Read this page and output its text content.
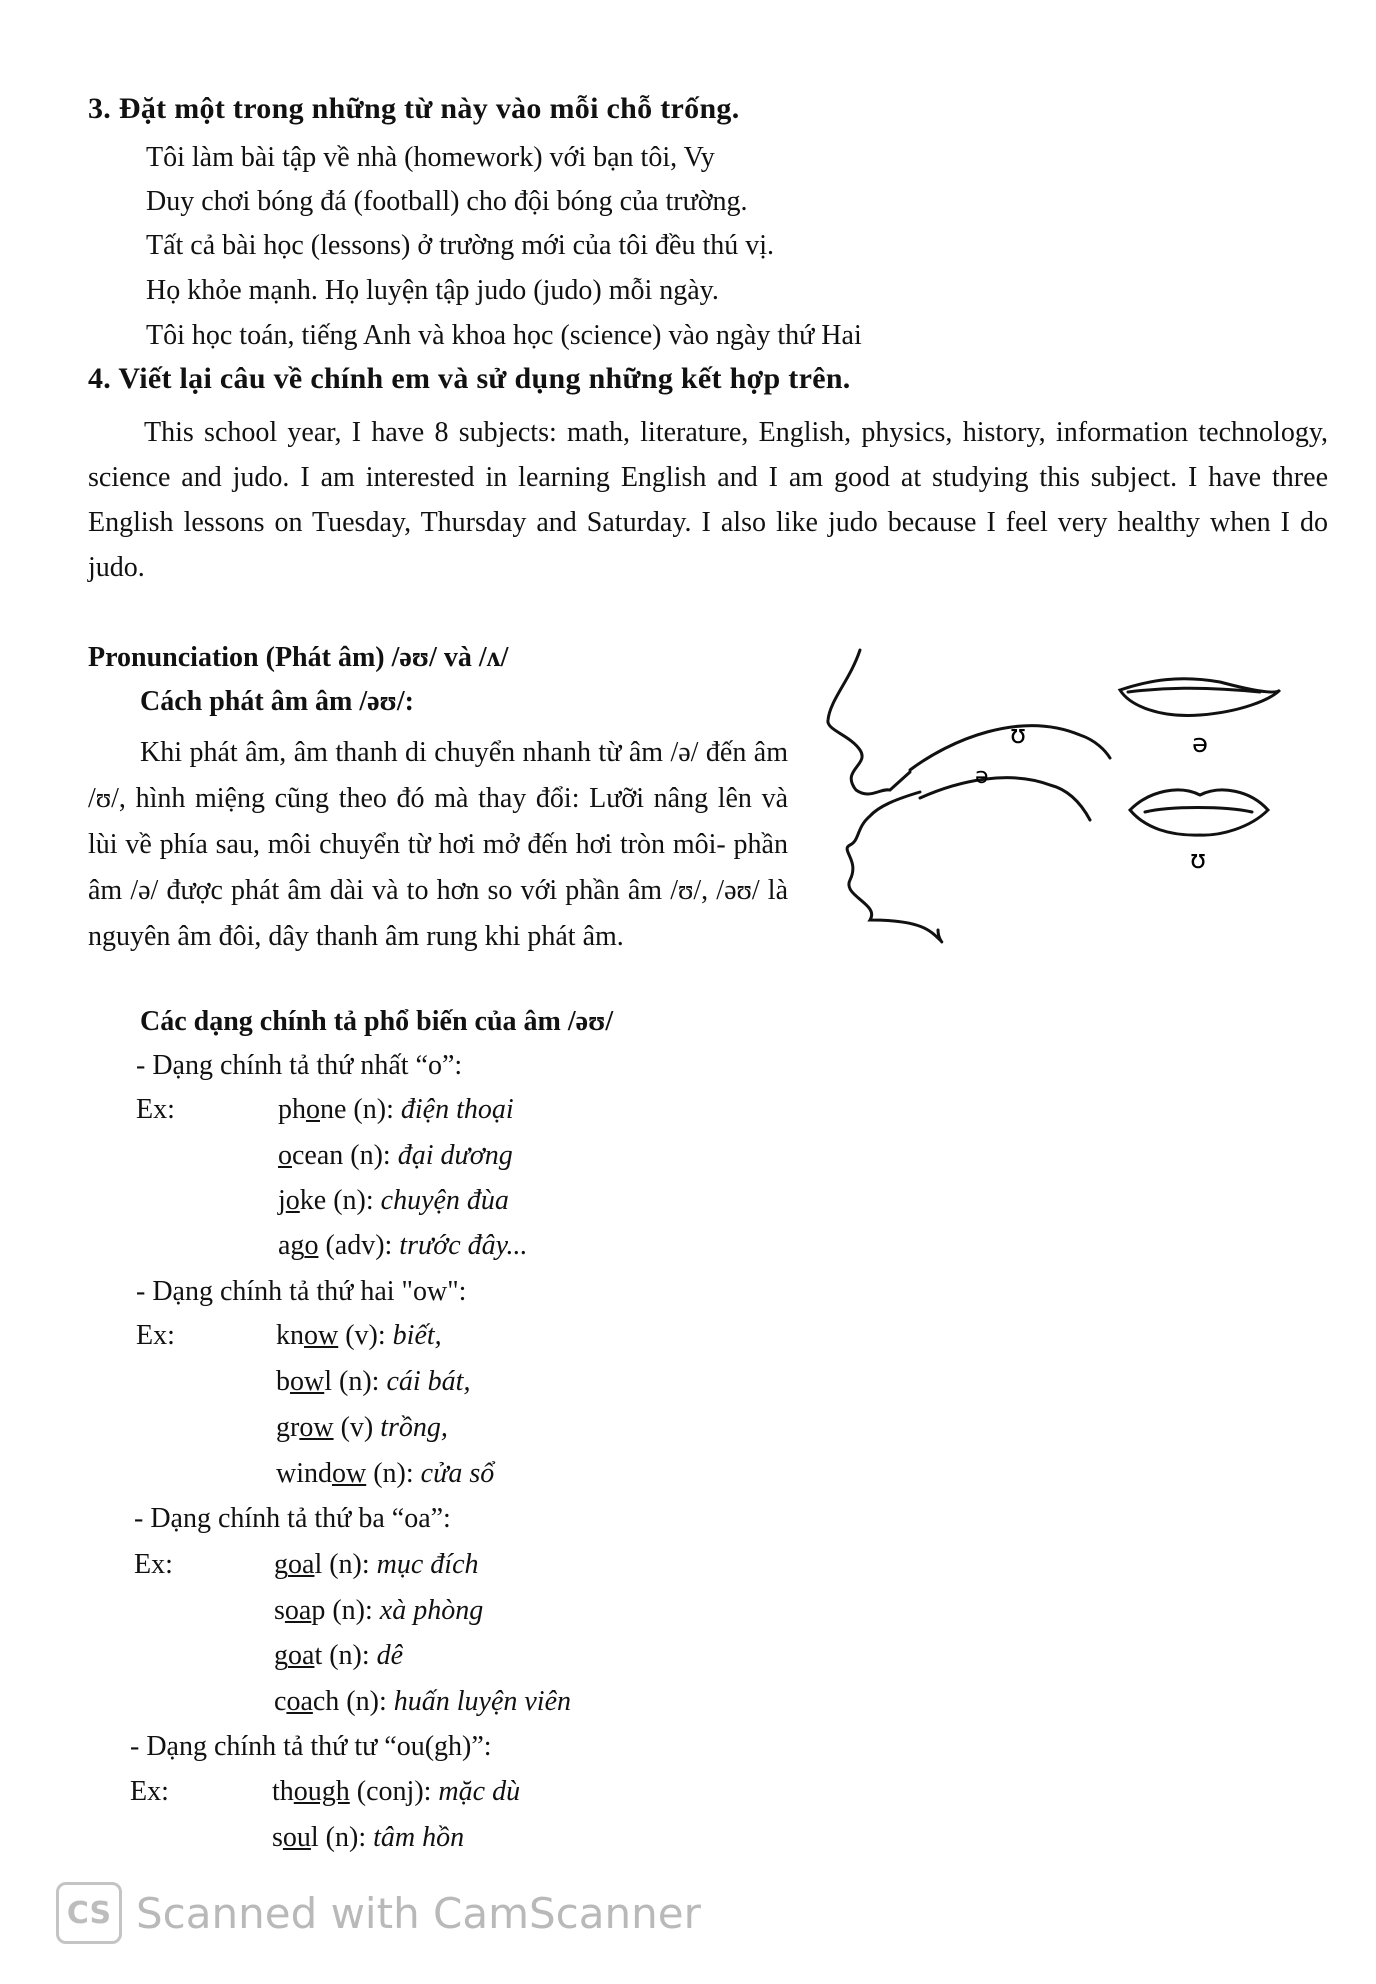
3. Đặt một trong những từ này vào mỗi chỗ trống.
Tôi làm bài tập về nhà (homework) với bạn tôi, Vy
Duy chơi bóng đá (football) cho đội bóng của trường.
Tất cả bài học (lessons) ở trường mới của tôi đều thú vị.
Họ khỏe mạnh. Họ luyện tập judo (judo) mỗi ngày.
Tôi học toán, tiếng Anh và khoa học (science) vào ngày thứ Hai
4. Viết lại câu về chính em và sử dụng những kết hợp trên.
This school year, I have 8 subjects: math, literature, English, physics, history, information technology, science and judo. I am interested in learning English and I am good at studying this subject. I have three English lessons on Tuesday, Thursday and Saturday. I also like judo because I feel very healthy when I do judo.
Pronunciation (Phát âm) /əʊ/ và /ʌ/
Cách phát âm âm /əʊ/:
Khi phát âm, âm thanh di chuyển nhanh từ âm /ə/ đến âm /ʊ/, hình miệng cũng theo đó mà thay đổi: Lưỡi nâng lên và lùi về phía sau, môi chuyển từ hơi mở đến hơi tròn môi- phần âm /ə/ được phát âm dài và to hơn so với phần âm /ʊ/, /əʊ/ là nguyên âm đôi, dây thanh âm rung khi phát âm.
ʊ
ə
ə
ʊ
Các dạng chính tả phổ biến của âm /əʊ/
- Dạng chính tả thứ nhất “o”:
Ex:	phone (n): điện thoại
ocean (n): đại dương
joke (n): chuyện đùa
ago (adv): trước đây...
- Dạng chính tả thứ hai "ow":
Ex:	know (v): biết,
bowl (n): cái bát,
grow (v) trồng,
window (n): cửa sổ
- Dạng chính tả thứ ba “oa”:
Ex:	goal (n): mục đích
soap (n): xà phòng
goat (n): dê
coach (n): huấn luyện viên
- Dạng chính tả thứ tư “ou(gh)”:
Ex:	though (conj): mặc dù
soul (n): tâm hồn
CS Scanned with CamScanner
